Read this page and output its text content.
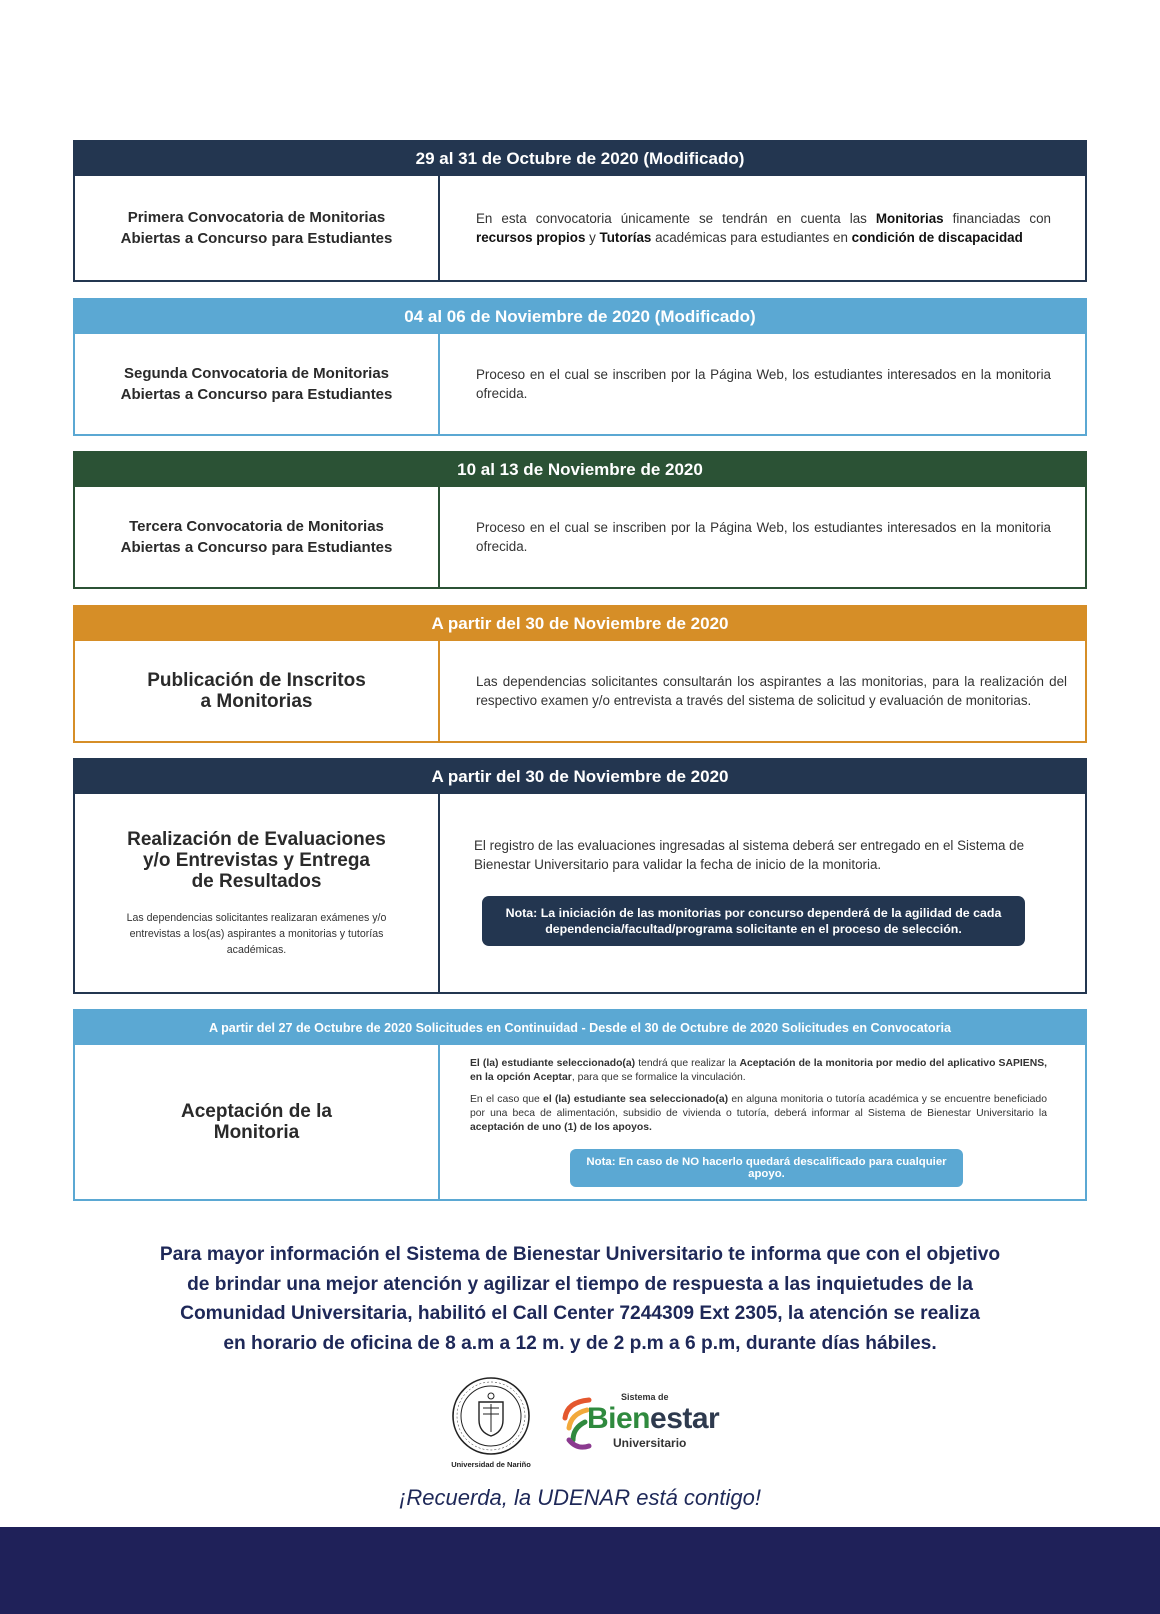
29 al 31 de Octubre de 2020 (Modificado)
Primera Convocatoria de Monitorias
Abiertas a Concurso para Estudiantes

En esta convocatoria únicamente se tendrán en cuenta las Monitorias financiadas con recursos propios y Tutorías académicas para estudiantes en condición de discapacidad

04 al 06 de Noviembre de 2020 (Modificado)
Segunda Convocatoria de Monitorias
Abiertas a Concurso para Estudiantes

Proceso en el cual se inscriben por la Página Web, los estudiantes interesados en la monitoria ofrecida.

10 al 13 de Noviembre de 2020
Tercera Convocatoria de Monitorias
Abiertas a Concurso para Estudiantes

Proceso en el cual se inscriben por la Página Web, los estudiantes interesados en la monitoria ofrecida.

A partir del 30 de Noviembre de 2020
Publicación de Inscritos
a Monitorias

Las dependencias solicitantes consultarán los aspirantes a las monitorias, para la realización del respectivo examen y/o entrevista a través del sistema de solicitud y evaluación de monitorias.

A partir del 30 de Noviembre de 2020
Realización de Evaluaciones
y/o Entrevistas y Entrega
de Resultados

Las dependencias solicitantes realizaran exámenes y/o entrevistas a los(as) aspirantes a monitorias y tutorías académicas.

El registro de las evaluaciones ingresadas al sistema deberá ser entregado en el Sistema de Bienestar Universitario para validar la fecha de inicio de la monitoria.

Nota: La iniciación de las monitorias por concurso dependerá de la agilidad de cada dependencia/facultad/programa solicitante en el proceso de selección.
A partir del 27 de Octubre de 2020 Solicitudes en Continuidad - Desde el 30 de Octubre de 2020 Solicitudes en Convocatoria
Aceptación de la
Monitoria

El (la) estudiante seleccionado(a) tendrá que realizar la Aceptación de la monitoria por medio del aplicativo SAPIENS, en la opción Aceptar, para que se formalice la vinculación.

En el caso que el (la) estudiante sea seleccionado(a) en alguna monitoria o tutoría académica y se encuentre beneficiado por una beca de alimentación, subsidio de vivienda o tutoría, deberá informar al Sistema de Bienestar Universitario la aceptación de uno (1) de los apoyos.

Nota: En caso de NO hacerlo quedará descalificado para cualquier apoyo.
Para mayor información el Sistema de Bienestar Universitario te informa que con el objetivo
de brindar una mejor atención y agilizar el tiempo de respuesta a las inquietudes de la
Comunidad Universitaria, habilitó el Call Center 7244309 Ext 2305, la atención se realiza
en horario de oficina de 8 a.m a 12 m. y de 2 p.m a 6 p.m, durante días hábiles.
Universidad de Nariño
Sistema de
Bienestar
Universitario
¡Recuerda, la UDENAR está contigo!
